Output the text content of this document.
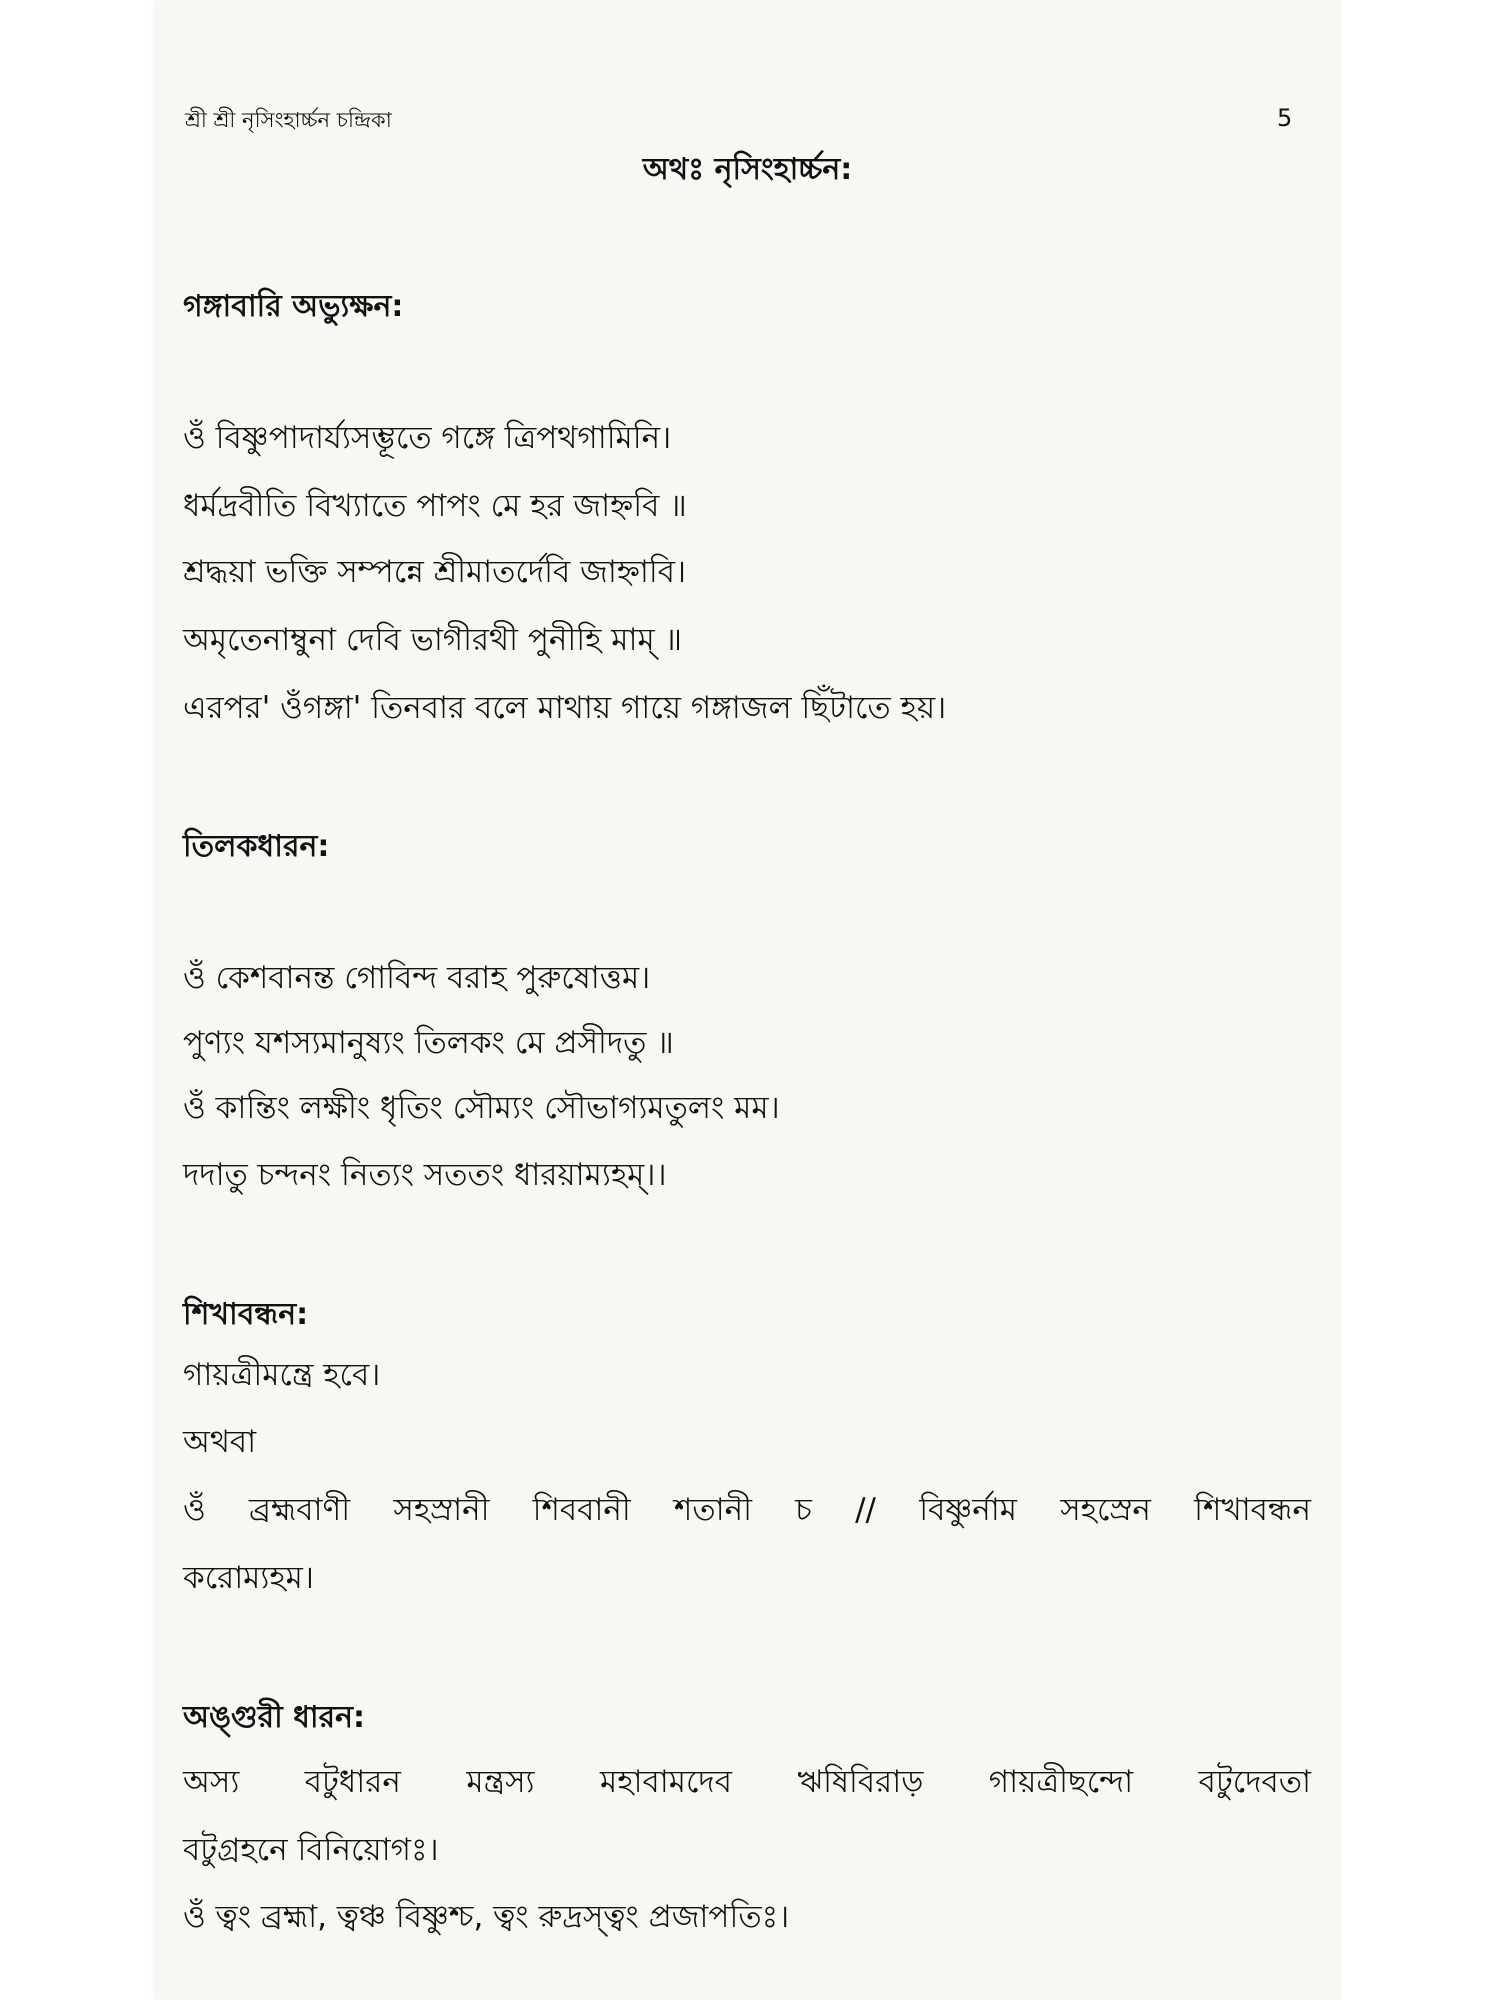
শ্রী শ্রী নৃসিংহার্চ্চন চন্দ্রিকা	5
অথঃ নৃসিংহার্চ্চন:
গঙ্গাবারি অভ্যুক্ষন:
ওঁ বিষ্ণুপাদার্য্যসম্ভূতে গঙ্গে ত্রিপথগামিনি।
ধর্মদ্রবীতি বিখ্যাতে পাপং মে হর জাহ্নবি ॥
শ্রদ্ধয়া ভক্তি সম্পন্নে শ্রীমাতর্দেবি জাহ্নাবি।
অমৃতেনাম্বুনা দেবি ভাগীরথী পুনীহি মাম্ ॥
এরপর' ওঁগঙ্গা' তিনবার বলে মাথায় গায়ে গঙ্গাজল ছিঁটাতে হয়।
তিলকধারন:
ওঁ কেশবানন্ত গোবিন্দ বরাহ পুরুষোত্তম।
পুণ্যং যশস্যমানুষ্যং তিলকং মে প্রসীদতু ॥
ওঁ কান্তিং লক্ষীং ধৃতিং সৌম্যং সৌভাগ্যমতুলং মম।
দদাতু চন্দনং নিত্যং সততং ধারয়াম্যহম্।।
শিখাবন্ধন:
গায়ত্রীমন্ত্রে হবে।
অথবা
ওঁ ব্রহ্মবাণী সহস্রানী শিববানী শতানী চ // বিষ্ণুর্নাম সহস্রেন শিখাবন্ধন
করোম্যহম।
অঙ্গুরী ধারন:
অস্য বটুধারন মন্ত্রস্য মহাবামদেব ঋষিবিরাড় গায়ত্রীছন্দো বটুদেবতা
বটুগ্রহনে বিনিয়োগঃ।
ওঁ ত্বং ব্রহ্মা, ত্বঞ্চ বিষ্ণুশ্চ, ত্বং রুদ্রস্ত্বং প্রজাপতিঃ।
